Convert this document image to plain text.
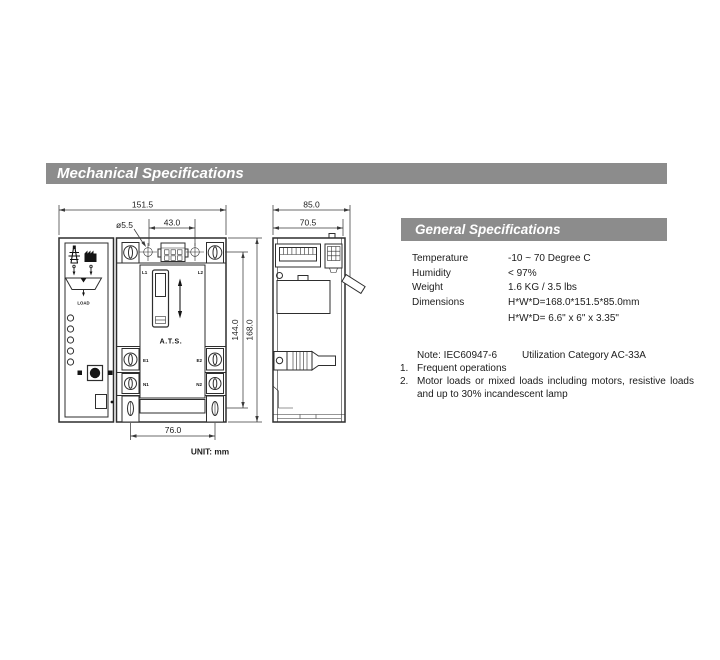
Mechanical Specifications
LOAD
L1	L2
A.T.S.
E1	E2
N1	N2
151.5
ø5.5	43.0
144.0 168.0
76.0
85.0
70.5
UNIT: mm
General Specifications
Temperature	-10 ~ 70 Degree C
Humidity	< 97%
Weight	1.6 KG / 3.5 lbs
Dimensions	H*W*D=168.0*151.5*85.0mm
H*W*D= 6.6" x 6" x 3.35"
Note: IEC60947-6 Utilization Category AC-33A
1. Frequent operations
2. Motor loads or mixed loads including motors, resistive loads and up to 30% incandescent lamp
